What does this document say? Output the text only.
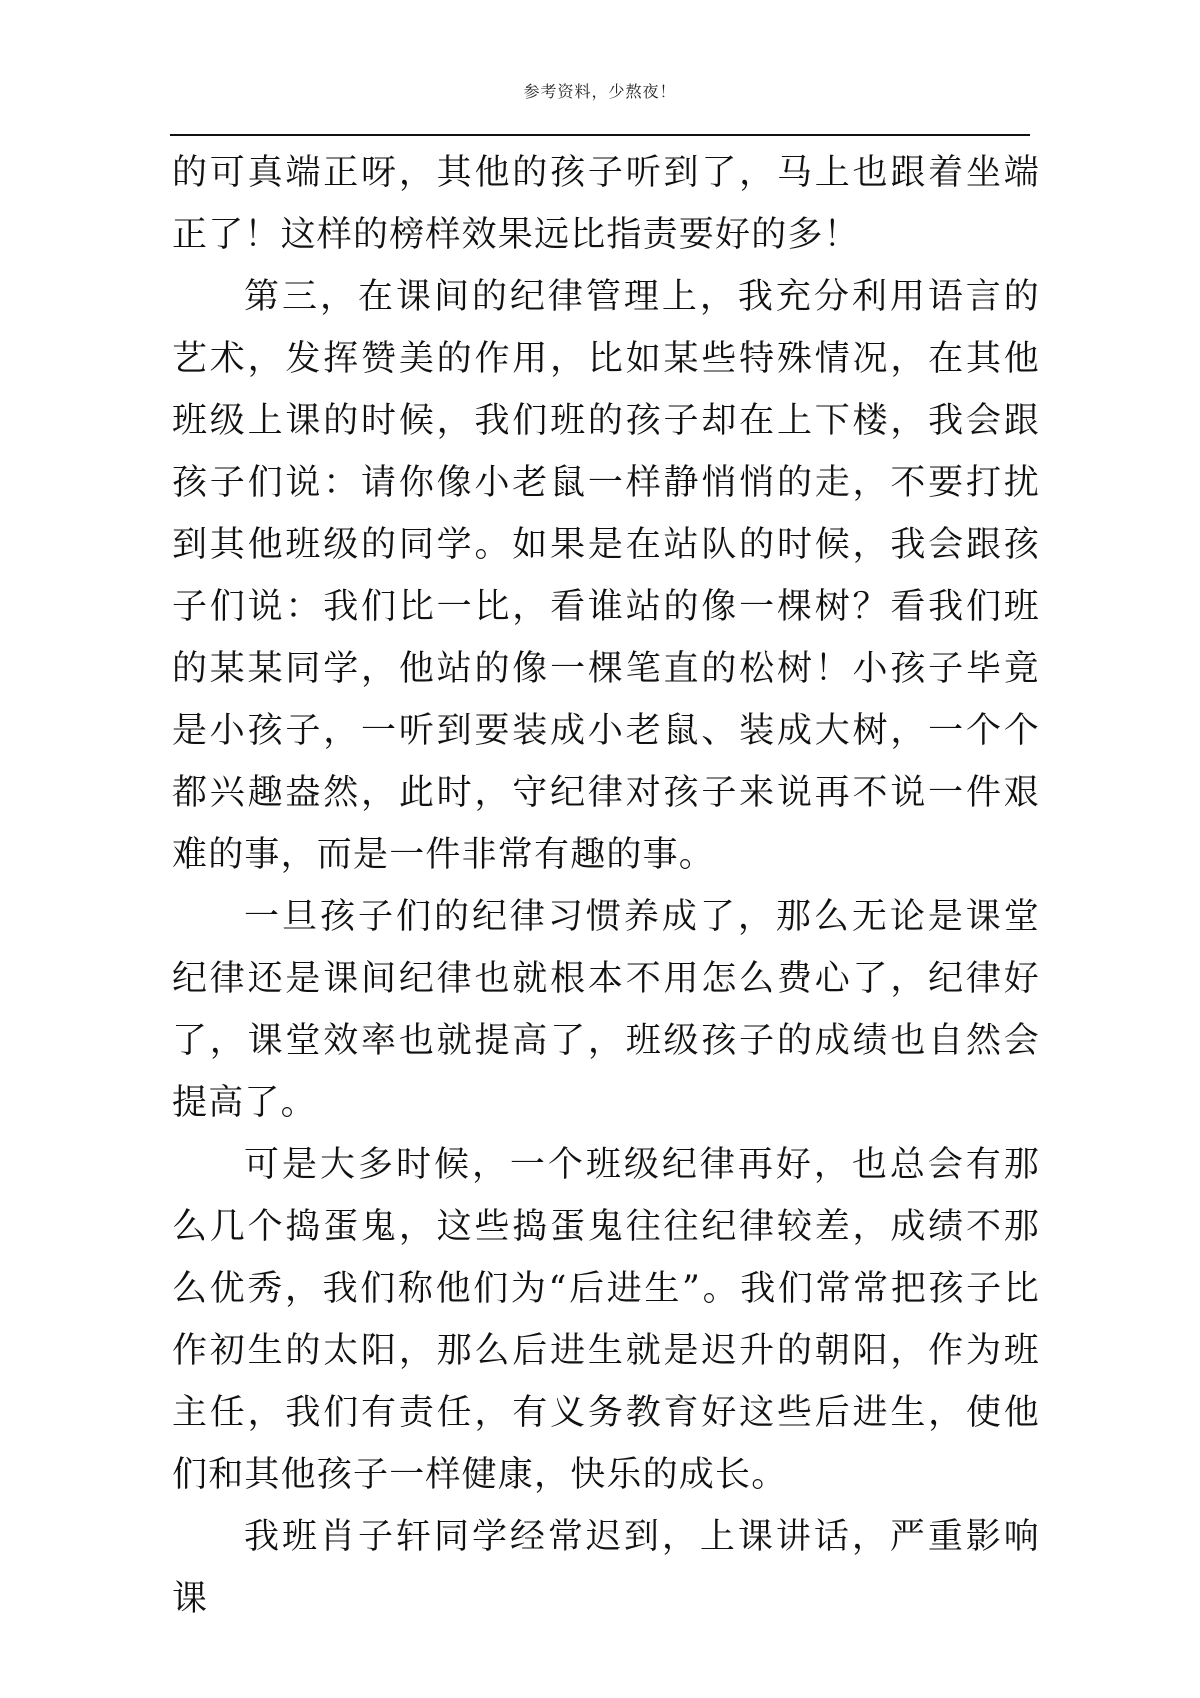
参考资料，少熬夜！

的可真端正呀，其他的孩子听到了，马上也跟着坐端正了！这样的榜样效果远比指责要好的多！

第三，在课间的纪律管理上，我充分利用语言的艺术，发挥赞美的作用，比如某些特殊情况，在其他班级上课的时候，我们班的孩子却在上下楼，我会跟孩子们说：请你像小老鼠一样静悄悄的走，不要打扰到其他班级的同学。如果是在站队的时候，我会跟孩子们说：我们比一比，看谁站的像一棵树？看我们班的某某同学，他站的像一棵笔直的松树！小孩子毕竟是小孩子，一听到要装成小老鼠、装成大树，一个个都兴趣盎然，此时，守纪律对孩子来说再不说一件艰难的事，而是一件非常有趣的事。

一旦孩子们的纪律习惯养成了，那么无论是课堂纪律还是课间纪律也就根本不用怎么费心了，纪律好了，课堂效率也就提高了，班级孩子的成绩也自然会提高了。

可是大多时候，一个班级纪律再好，也总会有那么几个捣蛋鬼，这些捣蛋鬼往往纪律较差，成绩不那么优秀，我们称他们为“后进生”。我们常常把孩子比作初生的太阳，那么后进生就是迟升的朝阳，作为班主任，我们有责任，有义务教育好这些后进生，使他们和其他孩子一样健康，快乐的成长。

我班肖子轩同学经常迟到，上课讲话，严重影响课
